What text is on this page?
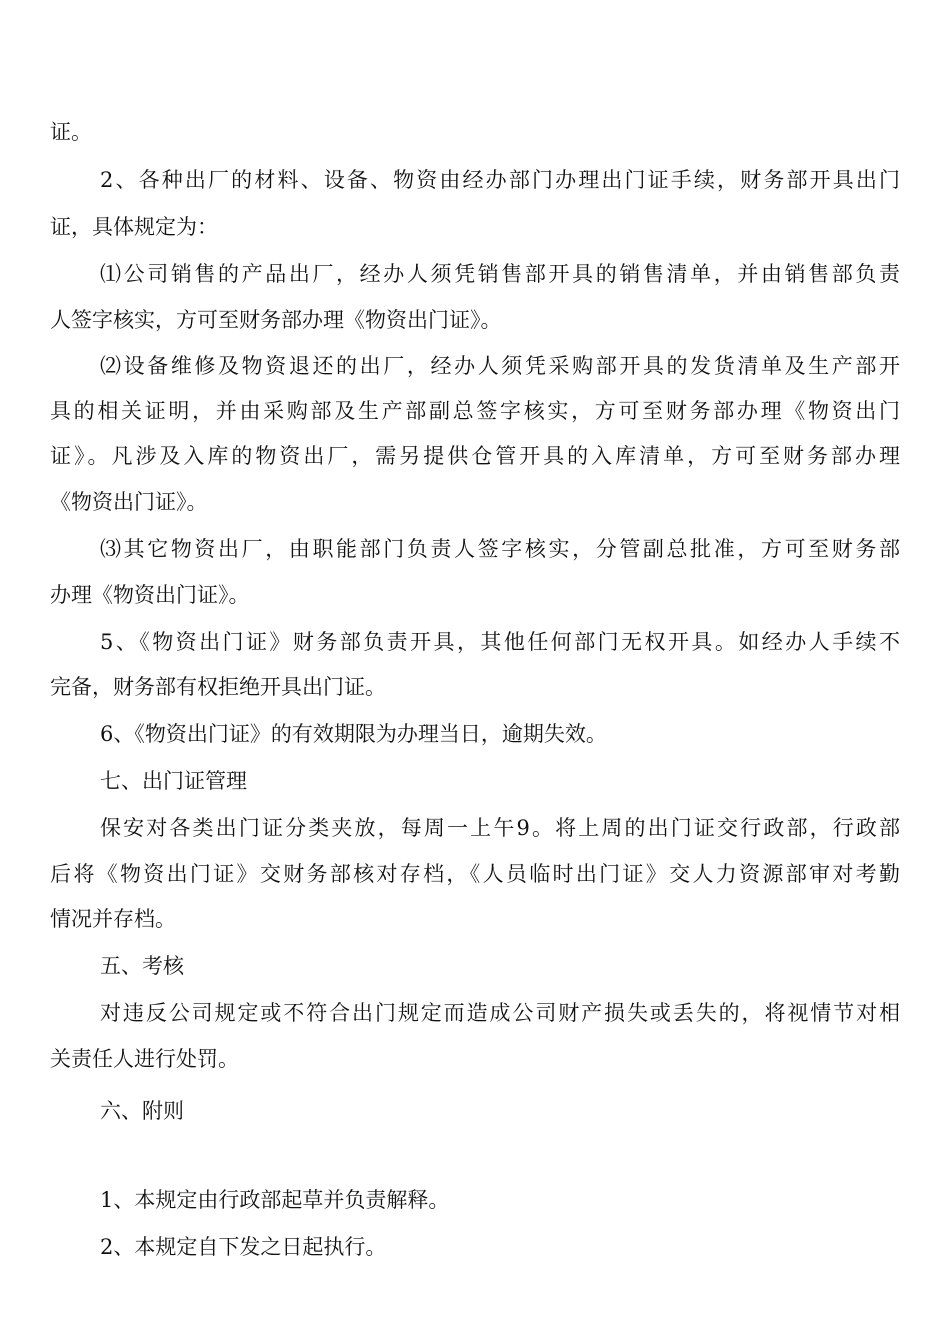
证。
2、各种出厂的材料、设备、物资由经办部门办理出门证手续，财务部开具出门
证，具体规定为：
⑴公司销售的产品出厂，经办人须凭销售部开具的销售清单，并由销售部负责
人签字核实，方可至财务部办理《物资出门证》。
⑵设备维修及物资退还的出厂，经办人须凭采购部开具的发货清单及生产部开
具的相关证明，并由采购部及生产部副总签字核实，方可至财务部办理《物资出门
证》。凡涉及入库的物资出厂，需另提供仓管开具的入库清单，方可至财务部办理
《物资出门证》。
⑶其它物资出厂，由职能部门负责人签字核实，分管副总批准，方可至财务部
办理《物资出门证》。
5、《物资出门证》财务部负责开具，其他任何部门无权开具。如经办人手续不
完备，财务部有权拒绝开具出门证。
6、《物资出门证》的有效期限为办理当日，逾期失效。
七、出门证管理
保安对各类出门证分类夹放，每周一上午9。将上周的出门证交行政部，行政部
后将《物资出门证》交财务部核对存档，《人员临时出门证》交人力资源部审对考勤
情况并存档。
五、考核
对违反公司规定或不符合出门规定而造成公司财产损失或丢失的，将视情节对相
关责任人进行处罚。
六、附则
1、本规定由行政部起草并负责解释。
2、本规定自下发之日起执行。
